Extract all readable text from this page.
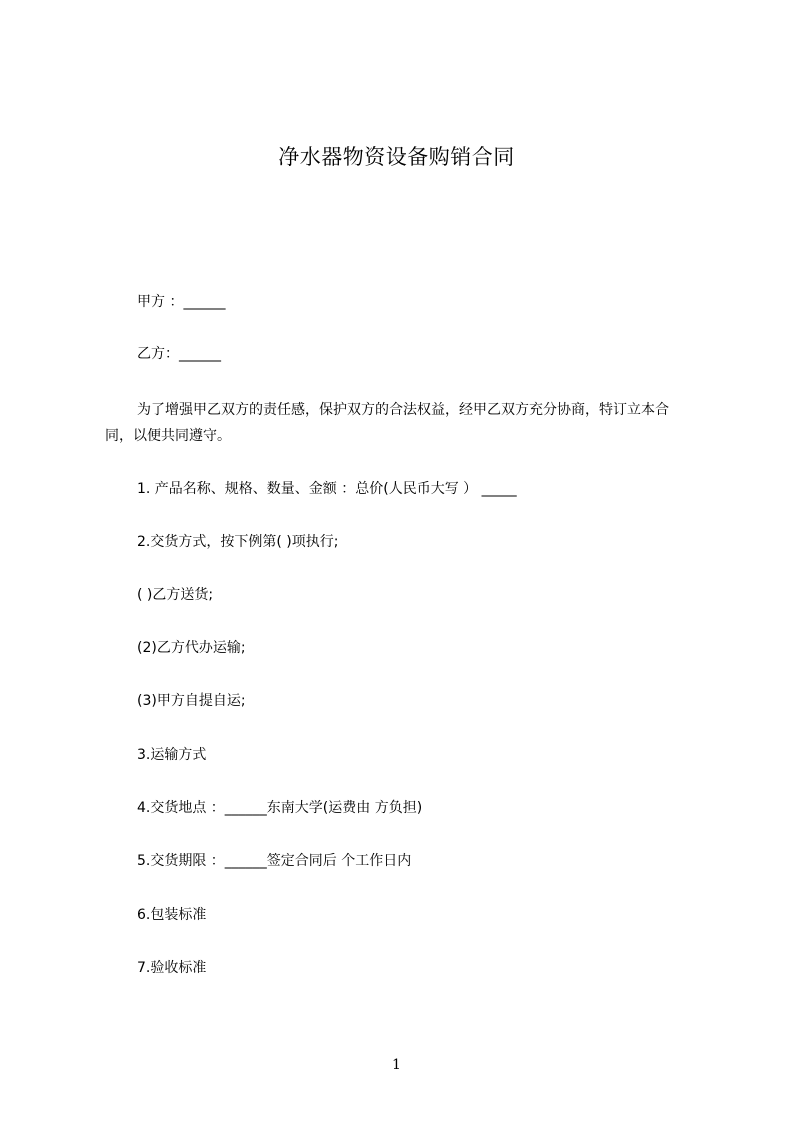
净水器物资设备购销合同
甲方 ：______
乙方：______
为了增强甲乙双方的责任感，保护双方的合法权益，经甲乙双方充分协商，特订立本合同，以便共同遵守。
1. 产品名称、规格、数量、金额 ：总价(人民币大写 ） _____
2.交货方式，按下例第( )项执行;
( )乙方送货;
(2)乙方代办运输;
(3)甲方自提自运;
3.运输方式
4.交货地点 ：______东南大学(运费由 方负担)
5.交货期限 ：______签定合同后 个工作日内
6.包装标准
7.验收标准
1
